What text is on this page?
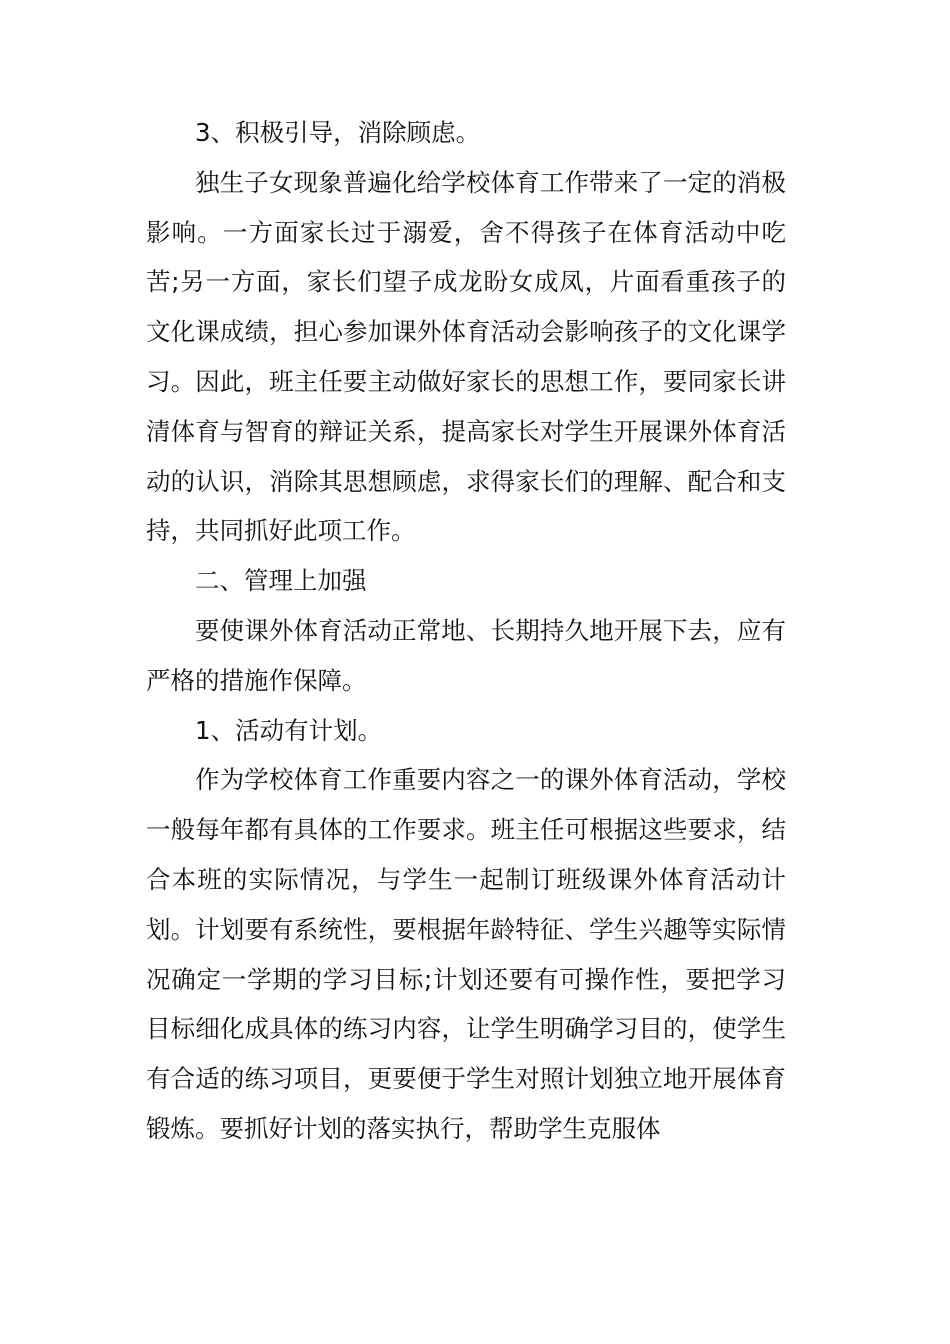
3、积极引导，消除顾虑。

独生子女现象普遍化给学校体育工作带来了一定的消极影响。一方面家长过于溺爱，舍不得孩子在体育活动中吃苦;另一方面，家长们望子成龙盼女成凤，片面看重孩子的文化课成绩，担心参加课外体育活动会影响孩子的文化课学习。因此，班主任要主动做好家长的思想工作，要同家长讲清体育与智育的辩证关系，提高家长对学生开展课外体育活动的认识，消除其思想顾虑，求得家长们的理解、配合和支持，共同抓好此项工作。

二、管理上加强

要使课外体育活动正常地、长期持久地开展下去，应有严格的措施作保障。

1、活动有计划。

作为学校体育工作重要内容之一的课外体育活动，学校一般每年都有具体的工作要求。班主任可根据这些要求，结合本班的实际情况，与学生一起制订班级课外体育活动计划。计划要有系统性，要根据年龄特征、学生兴趣等实际情况确定一学期的学习目标;计划还要有可操作性，要把学习目标细化成具体的练习内容，让学生明确学习目的，使学生有合适的练习项目，更要便于学生对照计划独立地开展体育锻炼。要抓好计划的落实执行，帮助学生克服体
